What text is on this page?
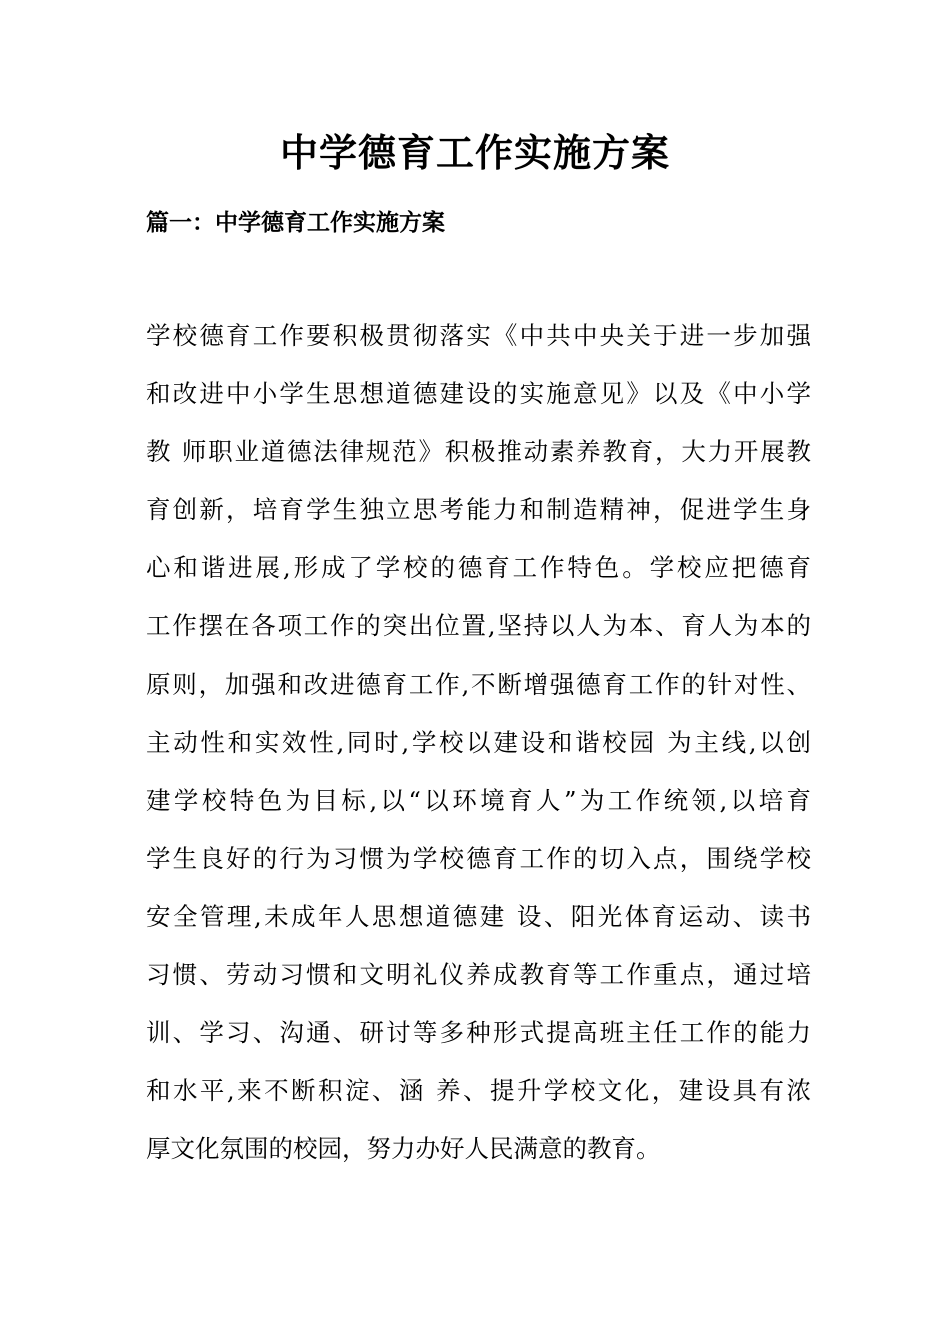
中学德育工作实施方案
篇一：中学德育工作实施方案
学校德育工作要积极贯彻落实《中共中央关于进一步加强
和改进中小学生思想道德建设的实施意见》以及《中小学
教 师职业道德法律规范》积极推动素养教育，大力开展教
育创新，培育学生独立思考能力和制造精神，促进学生身
心和谐进展,形成了学校的德育工作特色。学校应把德育
工作摆在各项工作的突出位置,坚持以人为本、育人为本的
原则，加强和改进德育工作,不断增强德育工作的针对性、
主动性和实效性,同时,学校以建设和谐校园 为主线,以创
建学校特色为目标,以“以环境育人”为工作统领,以培育
学生良好的行为习惯为学校德育工作的切入点，围绕学校
安全管理,未成年人思想道德建 设、阳光体育运动、读书
习惯、劳动习惯和文明礼仪养成教育等工作重点，通过培
训、学习、沟通、研讨等多种形式提高班主任工作的能力
和水平,来不断积淀、涵 养、提升学校文化，建设具有浓
厚文化氛围的校园，努力办好人民满意的教育。
